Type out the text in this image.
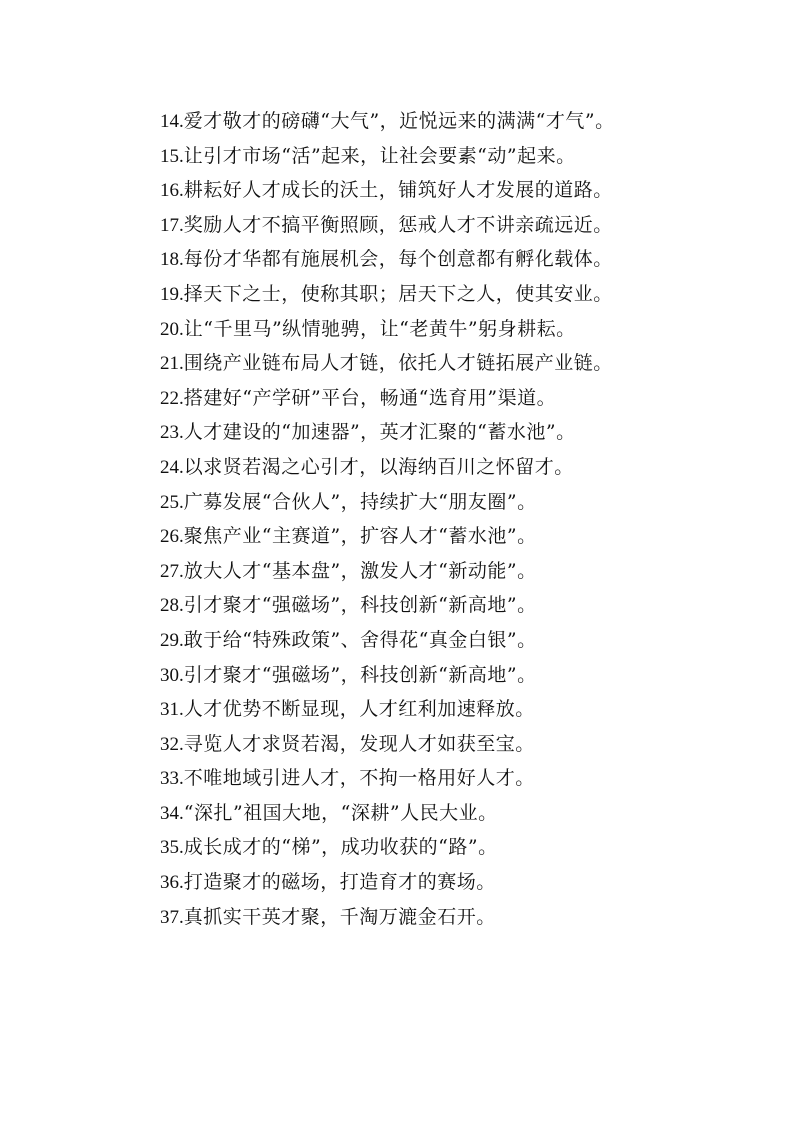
14.爱才敬才的磅礴“大气”，近悦远来的满满“才气”。
15.让引才市场“活”起来，让社会要素“动”起来。
16.耕耘好人才成长的沃土，铺筑好人才发展的道路。
17.奖励人才不搞平衡照顾，惩戒人才不讲亲疏远近。
18.每份才华都有施展机会，每个创意都有孵化载体。
19.择天下之士，使称其职；居天下之人，使其安业。
20.让“千里马”纵情驰骋，让“老黄牛”躬身耕耘。
21.围绕产业链布局人才链，依托人才链拓展产业链。
22.搭建好“产学研”平台，畅通“选育用”渠道。
23.人才建设的“加速器”，英才汇聚的“蓄水池”。
24.以求贤若渴之心引才，以海纳百川之怀留才。
25.广募发展“合伙人”，持续扩大“朋友圈”。
26.聚焦产业“主赛道”，扩容人才“蓄水池”。
27.放大人才“基本盘”，激发人才“新动能”。
28.引才聚才“强磁场”，科技创新“新高地”。
29.敢于给“特殊政策”、舍得花“真金白银”。
30.引才聚才“强磁场”，科技创新“新高地”。
31.人才优势不断显现，人才红利加速释放。
32.寻览人才求贤若渴，发现人才如获至宝。
33.不唯地域引进人才，不拘一格用好人才。
34.“深扎”祖国大地，“深耕”人民大业。
35.成长成才的“梯”，成功收获的“路”。
36.打造聚才的磁场，打造育才的赛场。
37.真抓实干英才聚，千淘万漉金石开。
